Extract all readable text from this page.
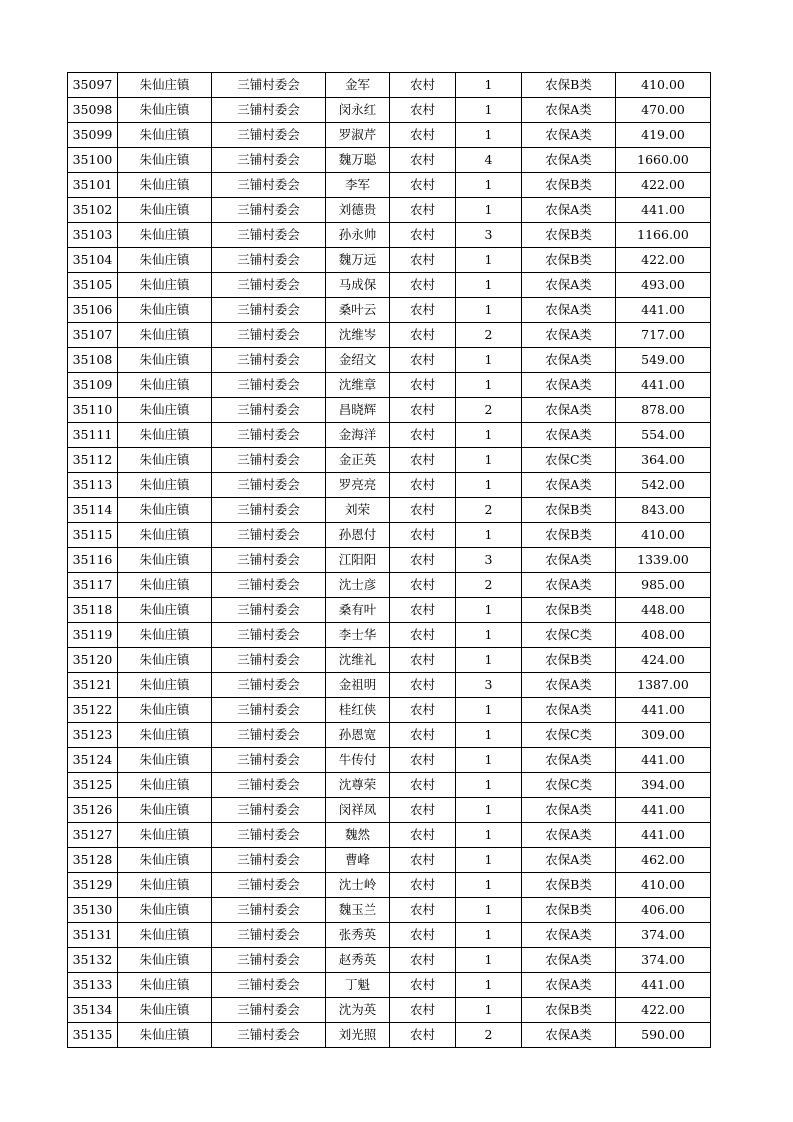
35097	朱仙庄镇	三铺村委会	金军	农村	1	农保B类	410.00
35098	朱仙庄镇	三铺村委会	闵永红	农村	1	农保A类	470.00
35099	朱仙庄镇	三铺村委会	罗淑芹	农村	1	农保A类	419.00
35100	朱仙庄镇	三铺村委会	魏万聪	农村	4	农保A类	1660.00
35101	朱仙庄镇	三铺村委会	李军	农村	1	农保B类	422.00
35102	朱仙庄镇	三铺村委会	刘德贵	农村	1	农保A类	441.00
35103	朱仙庄镇	三铺村委会	孙永帅	农村	3	农保B类	1166.00
35104	朱仙庄镇	三铺村委会	魏万远	农村	1	农保B类	422.00
35105	朱仙庄镇	三铺村委会	马成保	农村	1	农保A类	493.00
35106	朱仙庄镇	三铺村委会	桑叶云	农村	1	农保A类	441.00
35107	朱仙庄镇	三铺村委会	沈维岑	农村	2	农保A类	717.00
35108	朱仙庄镇	三铺村委会	金绍文	农村	1	农保A类	549.00
35109	朱仙庄镇	三铺村委会	沈维章	农村	1	农保A类	441.00
35110	朱仙庄镇	三铺村委会	昌晓辉	农村	2	农保A类	878.00
35111	朱仙庄镇	三铺村委会	金海洋	农村	1	农保A类	554.00
35112	朱仙庄镇	三铺村委会	金正英	农村	1	农保C类	364.00
35113	朱仙庄镇	三铺村委会	罗亮亮	农村	1	农保A类	542.00
35114	朱仙庄镇	三铺村委会	刘荣	农村	2	农保B类	843.00
35115	朱仙庄镇	三铺村委会	孙恩付	农村	1	农保B类	410.00
35116	朱仙庄镇	三铺村委会	江阳阳	农村	3	农保A类	1339.00
35117	朱仙庄镇	三铺村委会	沈士彦	农村	2	农保A类	985.00
35118	朱仙庄镇	三铺村委会	桑有叶	农村	1	农保B类	448.00
35119	朱仙庄镇	三铺村委会	李士华	农村	1	农保C类	408.00
35120	朱仙庄镇	三铺村委会	沈维礼	农村	1	农保B类	424.00
35121	朱仙庄镇	三铺村委会	金祖明	农村	3	农保A类	1387.00
35122	朱仙庄镇	三铺村委会	桂红侠	农村	1	农保A类	441.00
35123	朱仙庄镇	三铺村委会	孙恩宽	农村	1	农保C类	309.00
35124	朱仙庄镇	三铺村委会	牛传付	农村	1	农保A类	441.00
35125	朱仙庄镇	三铺村委会	沈尊荣	农村	1	农保C类	394.00
35126	朱仙庄镇	三铺村委会	闵祥凤	农村	1	农保A类	441.00
35127	朱仙庄镇	三铺村委会	魏然	农村	1	农保A类	441.00
35128	朱仙庄镇	三铺村委会	曹峰	农村	1	农保A类	462.00
35129	朱仙庄镇	三铺村委会	沈士岭	农村	1	农保B类	410.00
35130	朱仙庄镇	三铺村委会	魏玉兰	农村	1	农保B类	406.00
35131	朱仙庄镇	三铺村委会	张秀英	农村	1	农保A类	374.00
35132	朱仙庄镇	三铺村委会	赵秀英	农村	1	农保A类	374.00
35133	朱仙庄镇	三铺村委会	丁魁	农村	1	农保A类	441.00
35134	朱仙庄镇	三铺村委会	沈为英	农村	1	农保B类	422.00
35135	朱仙庄镇	三铺村委会	刘光照	农村	2	农保A类	590.00
